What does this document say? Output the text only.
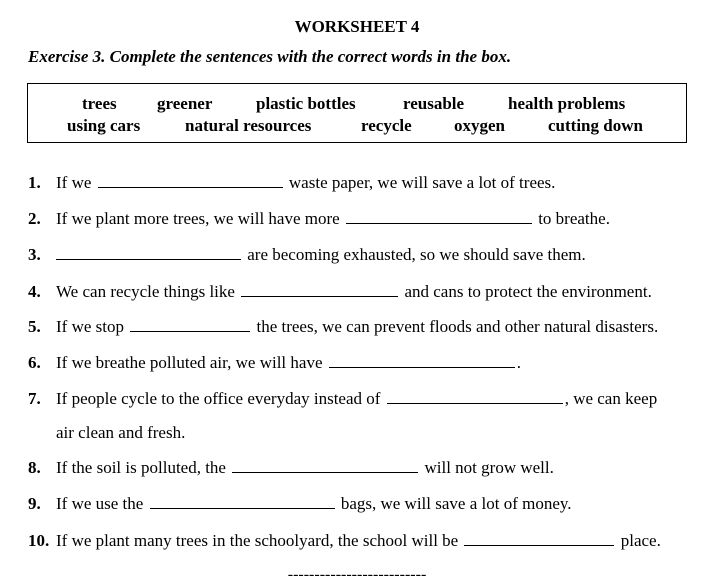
WORKSHEET 4
Exercise 3. Complete the sentences with the correct words in the box.
trees greener	plastic bottles	reusable	health problems
using cars	natural resources	recycle oxygen	cutting down
1. If we	waste paper, we will save a lot of trees.
2. If we plant more trees, we will have more	to breathe.
3.	are becoming exhausted, so we should save them.
4. We can recycle things like	and cans to protect the environment.
5. If we stop	the trees, we can prevent floods and other natural disasters.
6. If we breathe polluted air, we will have	.
7. If people cycle to the office everyday instead of	, we can keep
air clean and fresh.
8. If the soil is polluted, the	will not grow well.
9. If we use the	bags, we will save a lot of money.
10. If we plant many trees in the schoolyard, the school will be	place.
--------------------------
